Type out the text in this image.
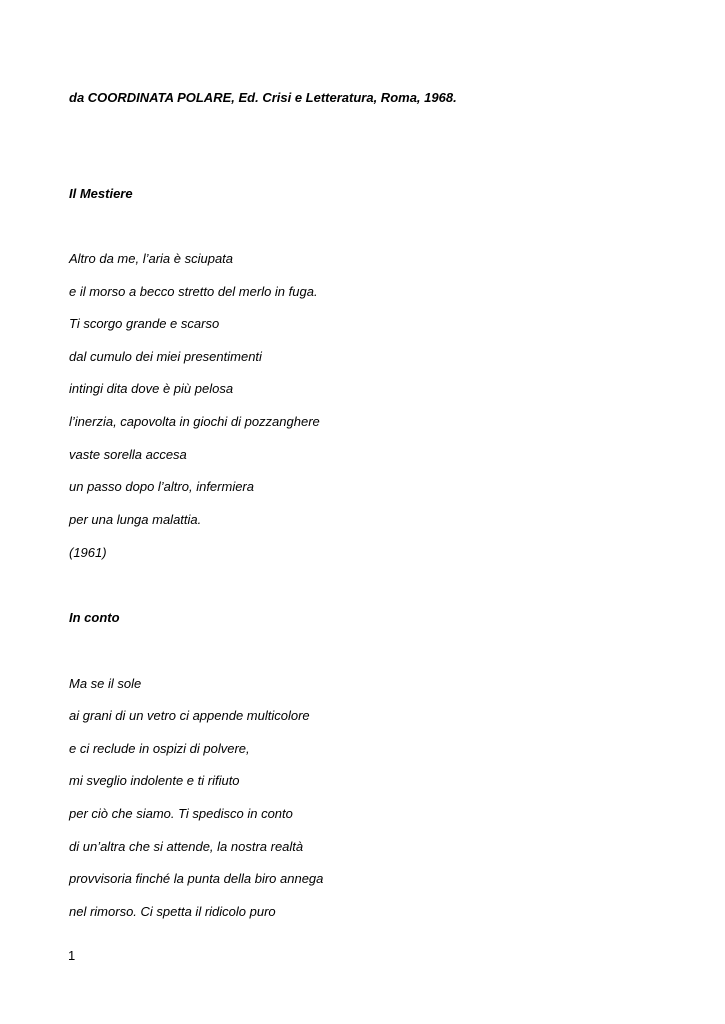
da COORDINATA POLARE, Ed. Crisi e Letteratura, Roma, 1968.
Il Mestiere
Altro da me, l’aria è sciupata
e il morso a becco stretto del merlo in fuga.
Ti scorgo grande e scarso
dal cumulo dei miei presentimenti
intingi dita dove è più pelosa
l’inerzia, capovolta in giochi di pozzanghere
vaste sorella accesa
un passo dopo l’altro, infermiera
per una lunga malattia.
(1961)
In conto
Ma se il sole
ai grani di un vetro ci appende multicolore
e ci reclude in ospizi di polvere,
mi sveglio indolente e ti rifiuto
per ciò che siamo. Ti spedisco in conto
di un’altra che si attende, la nostra realtà
provvisoria finché la punta della biro annega
nel rimorso. Ci spetta il ridicolo puro
1
